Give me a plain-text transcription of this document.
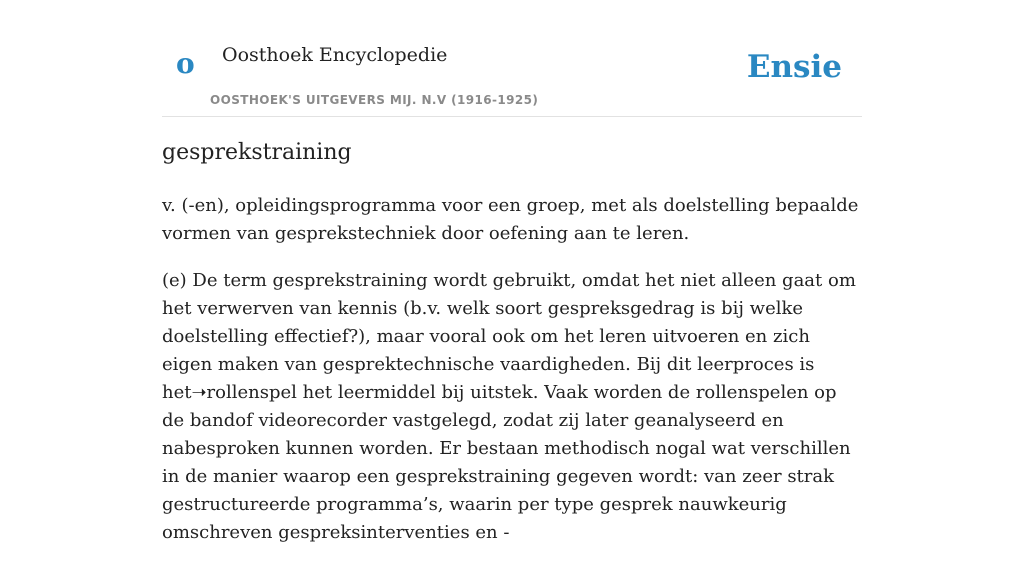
o Oosthoek Encyclopedie
OOSTHOEK'S UITGEVERS MIJ. N.V (1916-1925)
Ensie
gesprekstraining

v. (-en), opleidingsprogramma voor een groep, met als doelstelling bepaalde vormen van gesprekstechniek door oefening aan te leren.

(e) De term gesprekstraining wordt gebruikt, omdat het niet alleen gaat om het verwerven van kennis (b.v. welk soort gespreksgedrag is bij welke doelstelling effectief?), maar vooral ook om het leren uitvoeren en zich eigen maken van gesprektechnische vaardigheden. Bij dit leerproces is het➝rollenspel het leermiddel bij uitstek. Vaak worden de rollenspelen op de bandof videorecorder vastgelegd, zodat zij later geanalyseerd en nabesproken kunnen worden. Er bestaan methodisch nogal wat verschillen in de manier waarop een gesprekstraining gegeven wordt: van zeer strak gestructureerde programma’s, waarin per type gesprek nauwkeurig omschreven gespreksinterventies en -
